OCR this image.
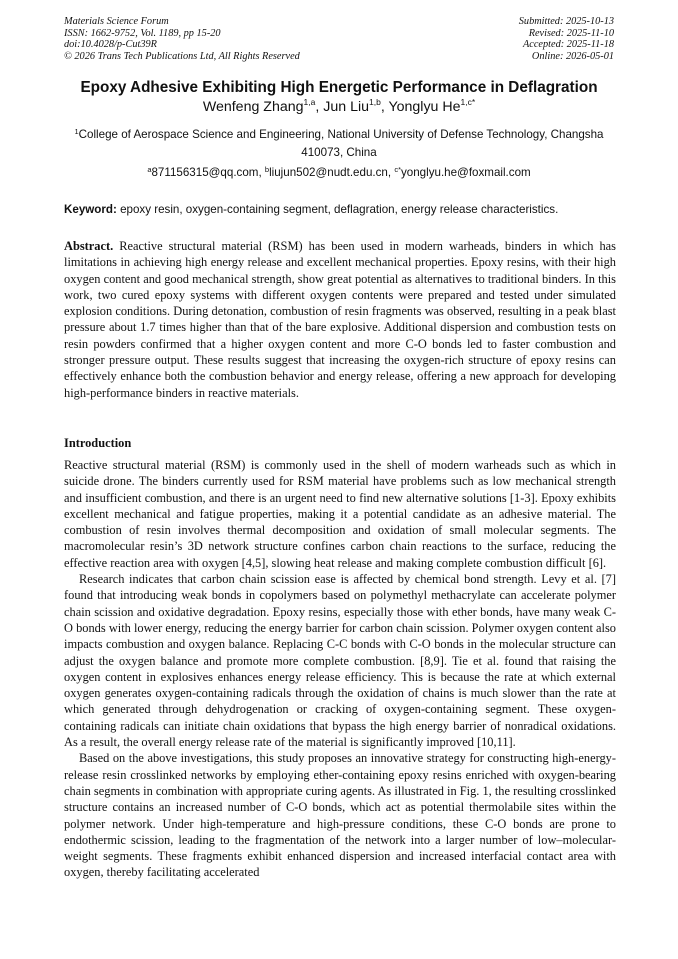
Materials Science Forum
ISSN: 1662-9752, Vol. 1189, pp 15-20
doi:10.4028/p-Cut39R
© 2026 Trans Tech Publications Ltd, All Rights Reserved
Submitted: 2025-10-13
Revised: 2025-11-10
Accepted: 2025-11-18
Online: 2026-05-01
Epoxy Adhesive Exhibiting High Energetic Performance in Deflagration
Wenfeng Zhang$^{1,a}$, Jun Liu$^{1,b}$, Yonglyu $He^{1,c*}$
$^1$College of Aerospace Science and Engineering, National University of Defense Technology, Changsha 410073, China
$^a$871156315@qq.com, $^b$liujun502@nudt.edu.cn, $^{c*}$yonglyu.he@foxmail.com
Keyword: epoxy resin, oxygen-containing segment, deflagration, energy release characteristics.
Abstract. Reactive structural material (RSM) has been used in modern warheads, binders in which has limitations in achieving high energy release and excellent mechanical properties. Epoxy resins, with their high oxygen content and good mechanical strength, show great potential as alternatives to traditional binders. In this work, two cured epoxy systems with different oxygen contents were prepared and tested under simulated explosion conditions. During detonation, combustion of resin fragments was observed, resulting in a peak blast pressure about 1.7 times higher than that of the bare explosive. Additional dispersion and combustion tests on resin powders confirmed that a higher oxygen content and more C-O bonds led to faster combustion and stronger pressure output. These results suggest that increasing the oxygen-rich structure of epoxy resins can effectively enhance both the combustion behavior and energy release, offering a new approach for developing high-performance binders in reactive materials.
Introduction

Reactive structural material (RSM) is commonly used in the shell of modern warheads such as which in suicide drone. The binders currently used for RSM material have problems such as low mechanical strength and insufficient combustion, and there is an urgent need to find new alternative solutions [1-3]. Epoxy exhibits excellent mechanical and fatigue properties, making it a potential candidate as an adhesive material. The combustion of resin involves thermal decomposition and oxidation of small molecular segments. The macromolecular resin’s 3D network structure confines carbon chain reactions to the surface, reducing the effective reaction area with oxygen [4,5], slowing heat release and making complete combustion difficult [6].

Research indicates that carbon chain scission ease is affected by chemical bond strength. Levy et al. [7] found that introducing weak bonds in copolymers based on polymethyl methacrylate can accelerate polymer chain scission and oxidative degradation. Epoxy resins, especially those with ether bonds, have many weak C-O bonds with lower energy, reducing the energy barrier for carbon chain scission. Polymer oxygen content also impacts combustion and oxygen balance. Replacing C-C bonds with C-O bonds in the molecular structure can adjust the oxygen balance and promote more complete combustion. [8,9]. Tie et al. found that raising the oxygen content in explosives enhances energy release efficiency. This is because the rate at which external oxygen generates oxygen-containing radicals through the oxidation of chains is much slower than the rate at which generated through dehydrogenation or cracking of oxygen-containing segment. These oxygen-containing radicals can initiate chain oxidations that bypass the high energy barrier of nonradical oxidations. As a result, the overall energy release rate of the material is significantly improved [10,11].

Based on the above investigations, this study proposes an innovative strategy for constructing high-energy-release resin crosslinked networks by employing ether-containing epoxy resins enriched with oxygen-bearing chain segments in combination with appropriate curing agents. As illustrated in Fig. 1, the resulting crosslinked structure contains an increased number of C-O bonds, which act as potential thermolabile sites within the polymer network. Under high-temperature and high-pressure conditions, these C-O bonds are prone to endothermic scission, leading to the fragmentation of the network into a larger number of low–molecular-weight segments. These fragments exhibit enhanced dispersion and increased interfacial contact area with oxygen, thereby facilitating accelerated
